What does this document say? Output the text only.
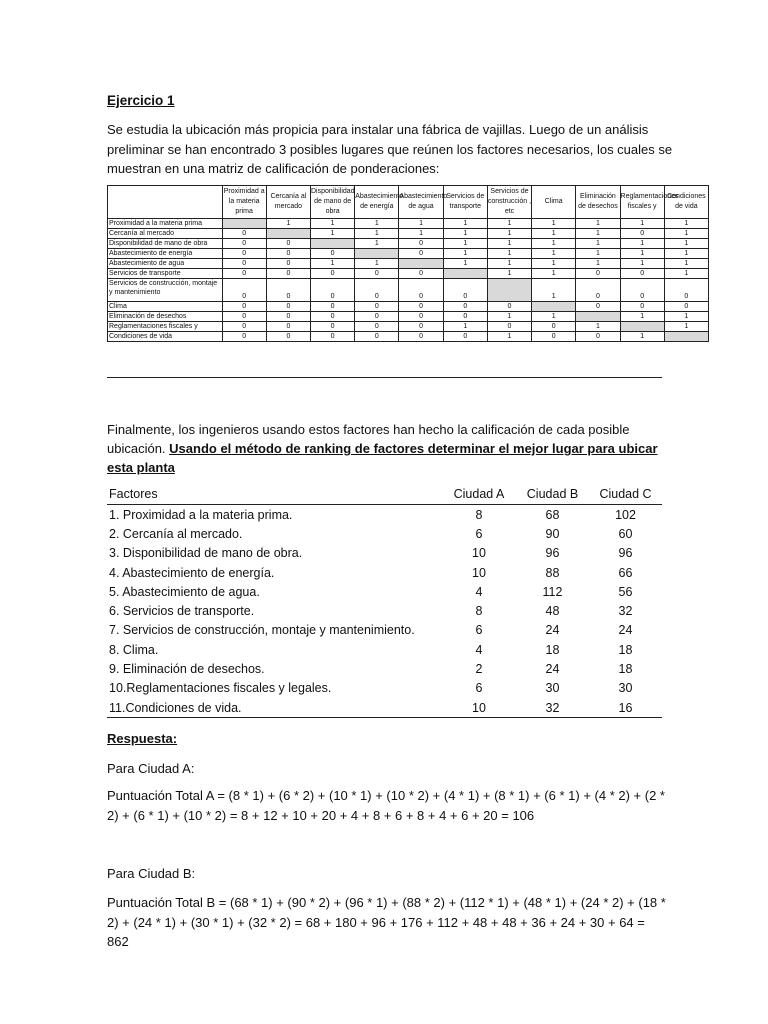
Ejercicio 1
Se estudia la ubicación más propicia para instalar una fábrica de vajillas. Luego de un análisis preliminar se han encontrado 3 posibles lugares que reúnen los factores necesarios, los cuales se muestran en una matriz de calificación de ponderaciones:
	Proximidad a la materia prima	Cercanía al mercado	Disponibilidad de mano de obra	Abastecimiento de energía	Abastecimiento de agua	Servicios de transporte	Servicios de construcción , etc	Clima	Eliminación de desechos	Reglamentaciones fiscales y	Condiciones de vida
Proximidad a la materia prima		1	1	1	1	1	1	1	1	1	1
Cercanía al mercado	0		1	1	1	1	1	1	1	0	1
Disponibilidad de mano de obra	0	0		1	0	1	1	1	1	1	1
Abastecimiento de energía	0	0	0		0	1	1	1	1	1	1
Abastecimiento de agua	0	0	1	1		1	1	1	1	1	1
Servicios de transporte	0	0	0	0	0		1	1	0	0	1
Servicios de construcción, montaje y mantenimiento	0	0	0	0	0	0		1	0	0	0
Clima	0	0	0	0	0	0	0		0	0	0
Eliminación de desechos	0	0	0	0	0	0	1	1		1	1
Reglamentaciones fiscales y	0	0	0	0	0	1	0	0	1		1
Condiciones de vida	0	0	0	0	0	0	1	0	0	1	
Finalmente, los ingenieros usando estos factores han hecho la calificación de cada posible ubicación. Usando el método de ranking de factores determinar el mejor lugar para ubicar esta planta
Factores	Ciudad A	Ciudad B	Ciudad C
1. Proximidad a la materia prima.	8	68	102
2. Cercanía al mercado.	6	90	60
3. Disponibilidad de mano de obra.	10	96	96
4. Abastecimiento de energía.	10	88	66
5. Abastecimiento de agua.	4	112	56
6. Servicios de transporte.	8	48	32
7. Servicios de construcción, montaje y mantenimiento.	6	24	24
8. Clima.	4	18	18
9. Eliminación de desechos.	2	24	18
10.Reglamentaciones fiscales y legales.	6	30	30
11.Condiciones de vida.	10	32	16
Respuesta:
Para Ciudad A:
Puntuación Total A = (8 * 1) + (6 * 2) + (10 * 1) + (10 * 2) + (4 * 1) + (8 * 1) + (6 * 1) + (4 * 2) + (2 * 2) + (6 * 1) + (10 * 2) = 8 + 12 + 10 + 20 + 4 + 8 + 6 + 8 + 4 + 6 + 20 = 106
Para Ciudad B:
Puntuación Total B = (68 * 1) + (90 * 2) + (96 * 1) + (88 * 2) + (112 * 1) + (48 * 1) + (24 * 2) + (18 * 2) + (24 * 1) + (30 * 1) + (32 * 2) = 68 + 180 + 96 + 176 + 112 + 48 + 48 + 36 + 24 + 30 + 64 = 862
